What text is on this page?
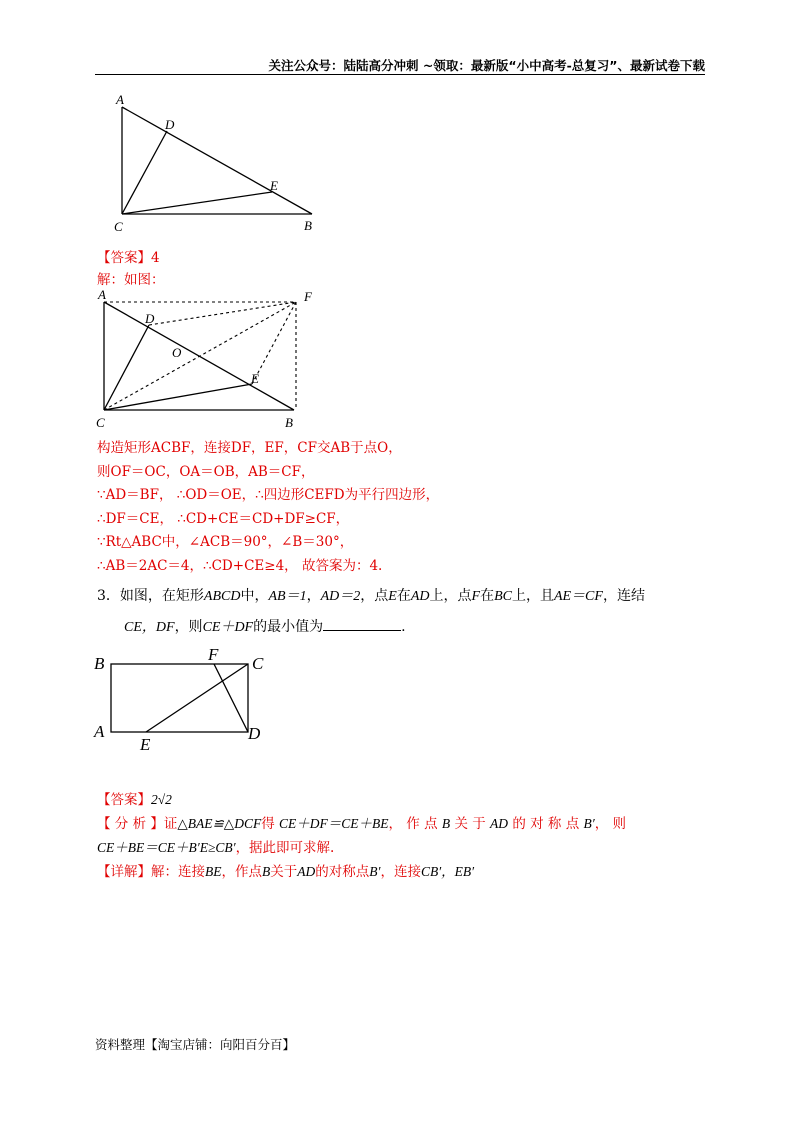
关注公众号：陆陆高分冲刺 ~领取：最新版“小中高考-总复习”、最新试卷下载
A
D
E
C	B
【答案】4
解：如图：
A	F
D
O
E
C	B
构造矩形ACBF，连接DF，EF，CF交AB于点O，
则OF＝OC，OA＝OB，AB＝CF，
∵AD＝BF， ∴OD＝OE，∴四边形CEFD为平行四边形，
∴DF＝CE， ∴CD+CE＝CD+DF≥CF，
∵Rt△ABC中，∠ACB＝90°，∠B＝30°，
∴AB＝2AC＝4，∴CD+CE≥4， 故答案为：4.
3．如图，在矩形ABCD中，AB＝1，AD＝2，点E在AD上，点F在BC上，且AE＝CF，连结
CE，DF，则CE＋DF的最小值为	.
B	F C
A
E
D
【答案】2√2
【 分 析 】证△BAE≌△DCF得 CE＋DF＝CE＋BE， 作 点 B 关 于 AD 的 对 称 点 B′， 则
CE＋BE＝CE＋B′E≥CB′，据此即可求解.
【详解】解：连接BE，作点B关于AD的对称点B′，连接CB′，EB′
资料整理【淘宝店铺：向阳百分百】
